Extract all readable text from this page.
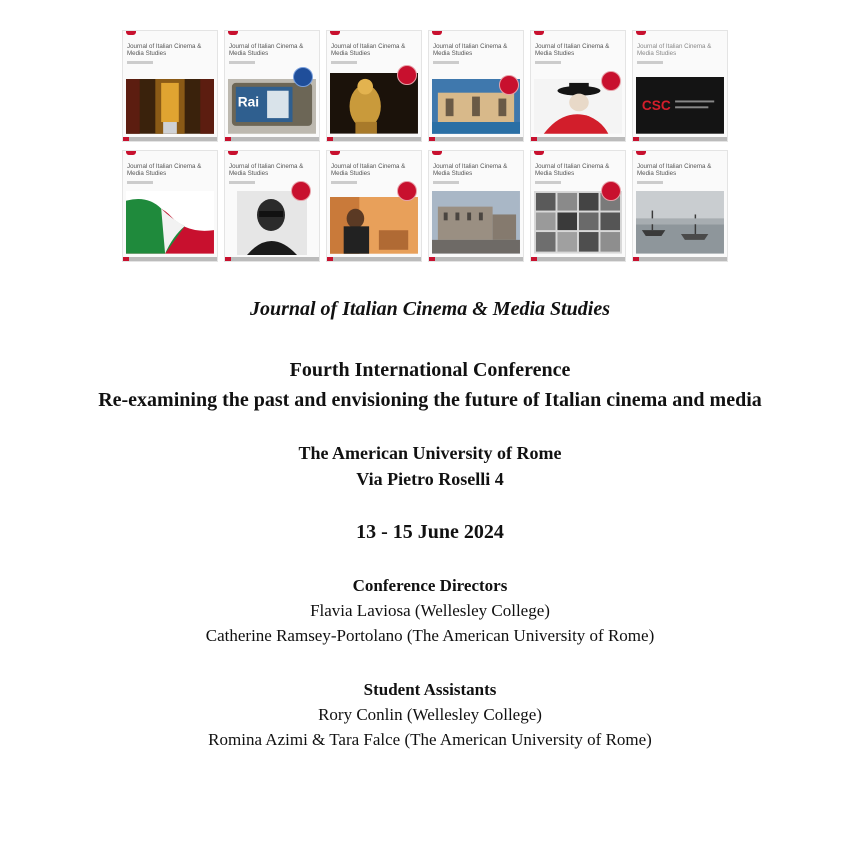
Journal of Italian Cinema & Media Studies
Journal of Italian Cinema & Media Studies
Rai
Journal of Italian Cinema & Media Studies
Journal of Italian Cinema & Media Studies
Journal of Italian Cinema & Media Studies
Journal of Italian Cinema & Media Studies
CSC
Journal of Italian Cinema & Media Studies
Journal of Italian Cinema & Media Studies
Journal of Italian Cinema & Media Studies
Journal of Italian Cinema & Media Studies
Journal of Italian Cinema & Media Studies
Journal of Italian Cinema & Media Studies
Journal of Italian Cinema & Media Studies
Fourth International Conference
Re-examining the past and envisioning the future of Italian cinema and media
The American University of Rome
Via Pietro Roselli 4
13 - 15 June 2024
Conference Directors
Flavia Laviosa (Wellesley College)
Catherine Ramsey-Portolano (The American University of Rome)
Student Assistants
Rory Conlin (Wellesley College)
Romina Azimi & Tara Falce (The American University of Rome)
